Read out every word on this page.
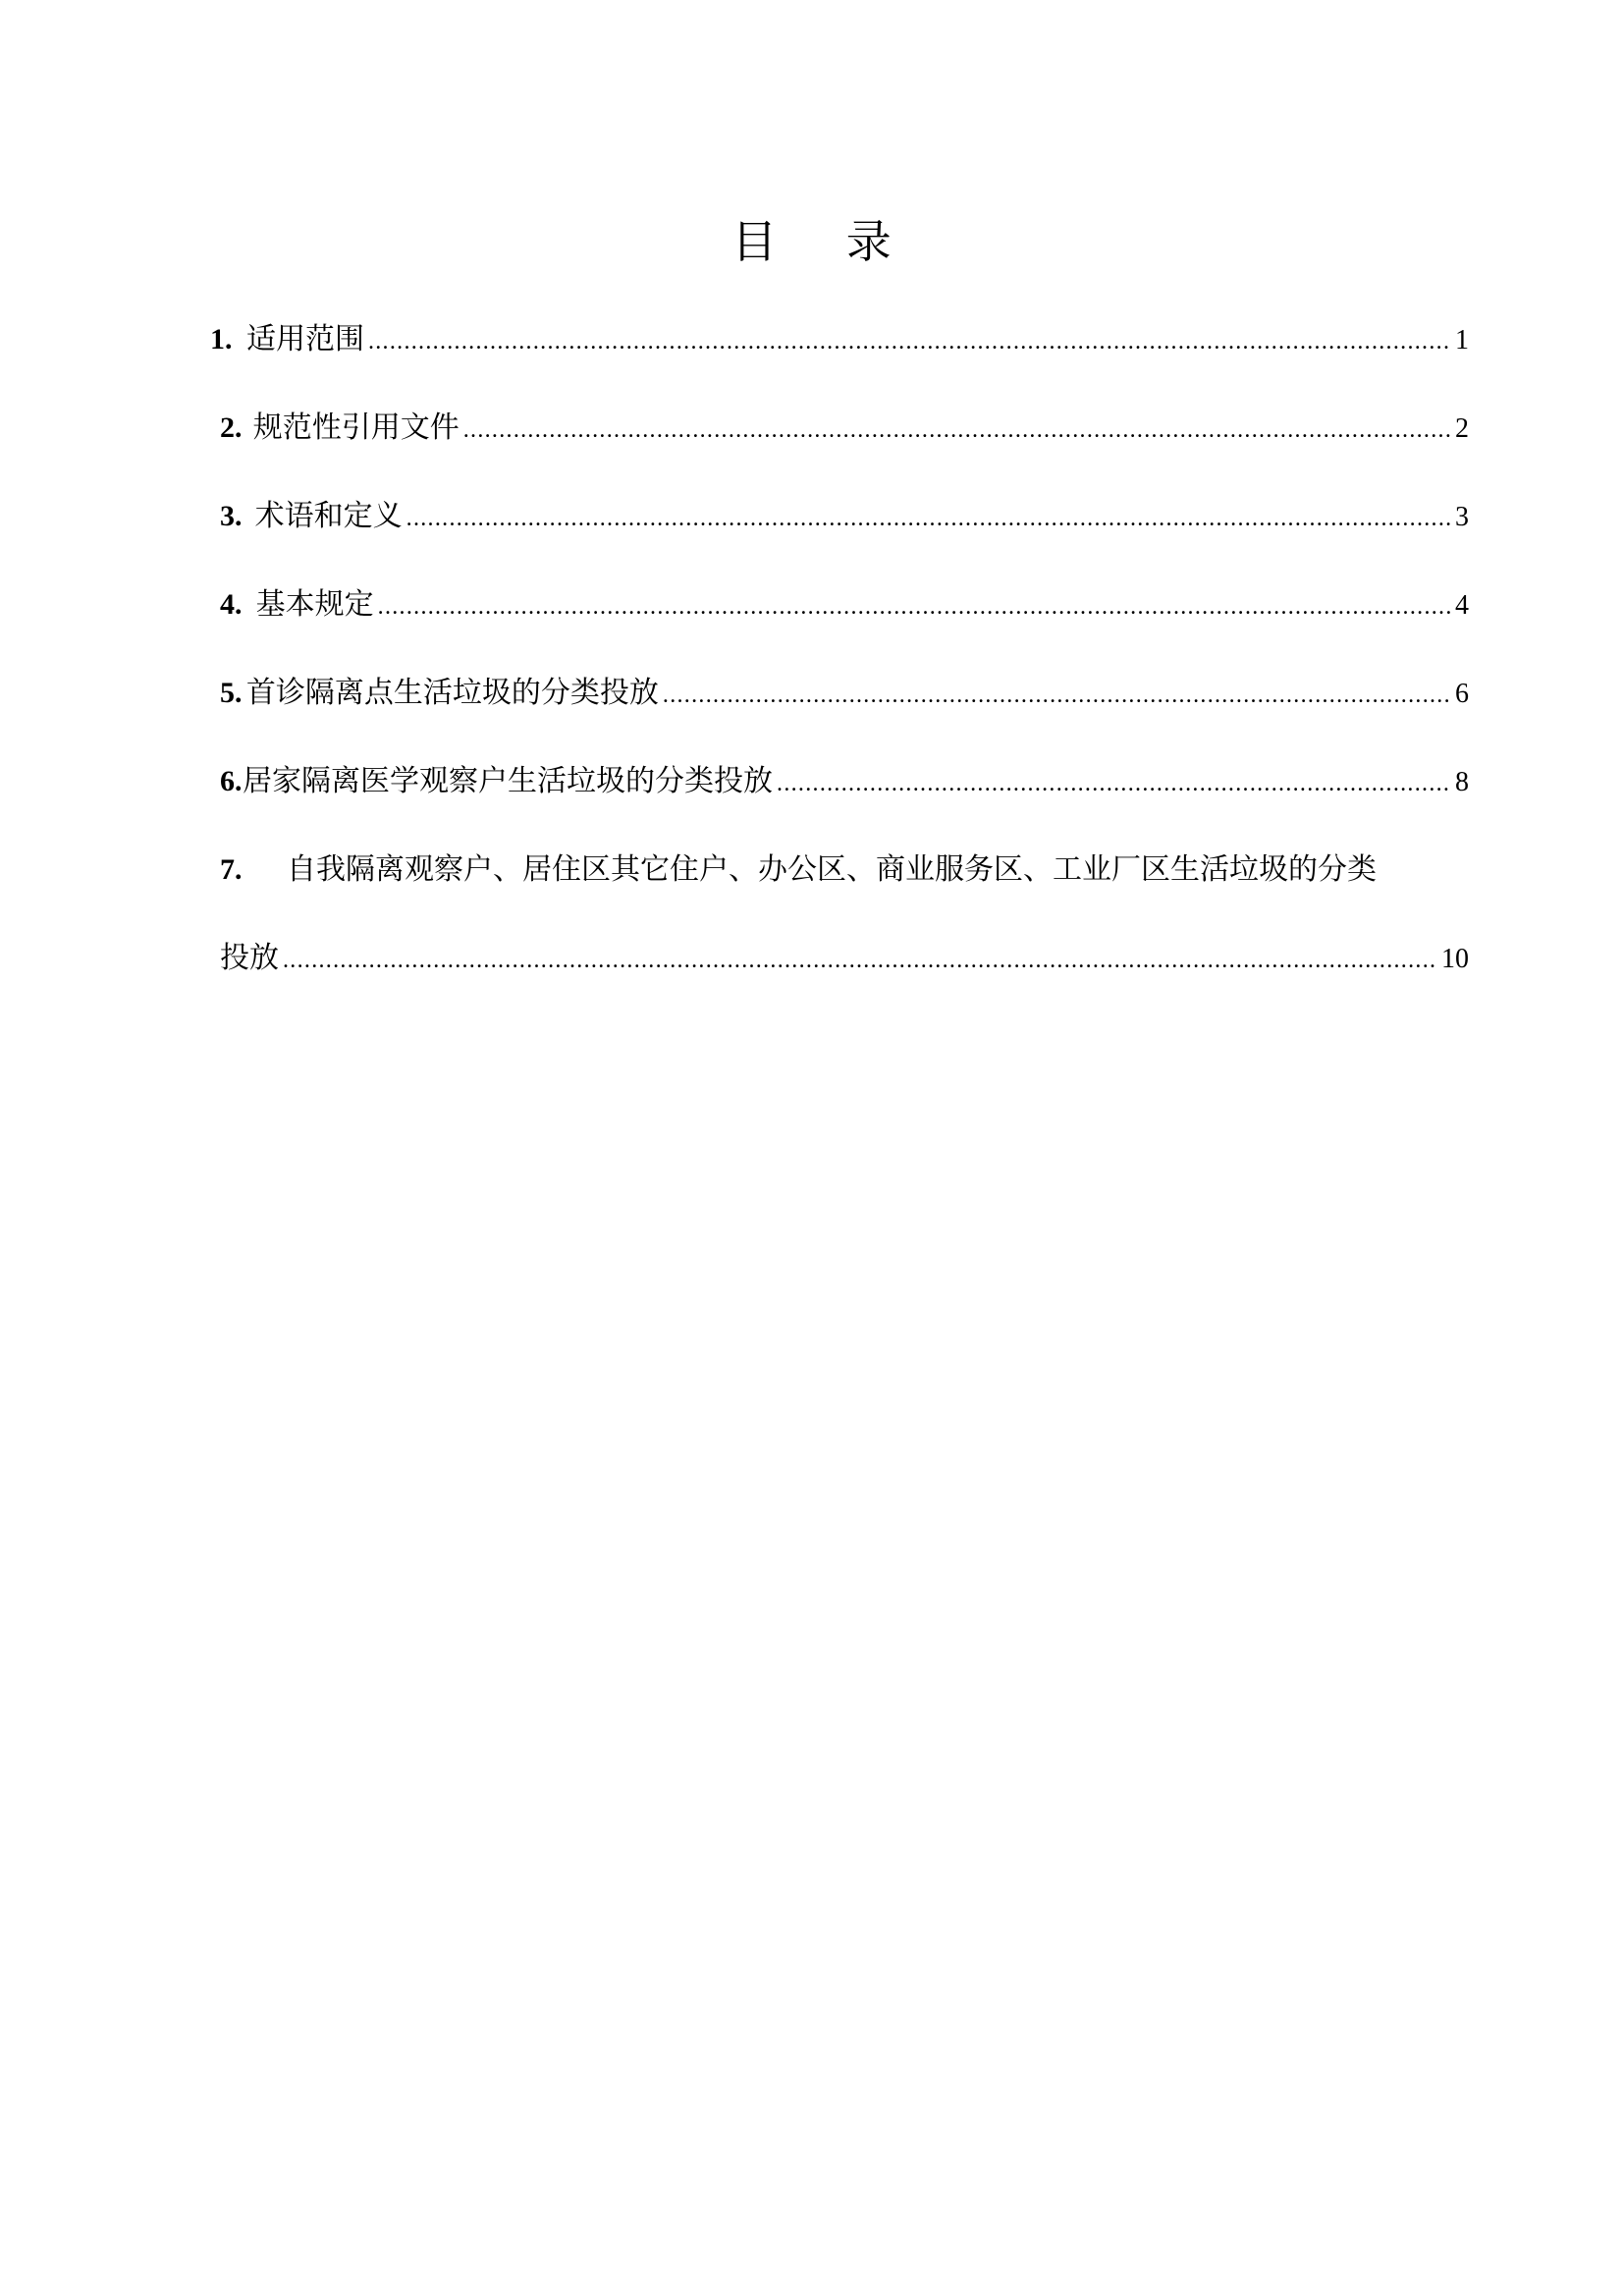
目 录
1. 适用范围 .....	1
2. 规范性引用文件 .....	2
3. 术语和定义 .....	3
4. 基本规定 .....	4
5. 首诊隔离点生活垃圾的分类投放 .....	6
6. 居家隔离医学观察户生活垃圾的分类投放 .....	8
7.	自我隔离观察户、居住区其它住户、办公区、商业服务区、工业厂区生活垃圾的分类
投放 .....	10
